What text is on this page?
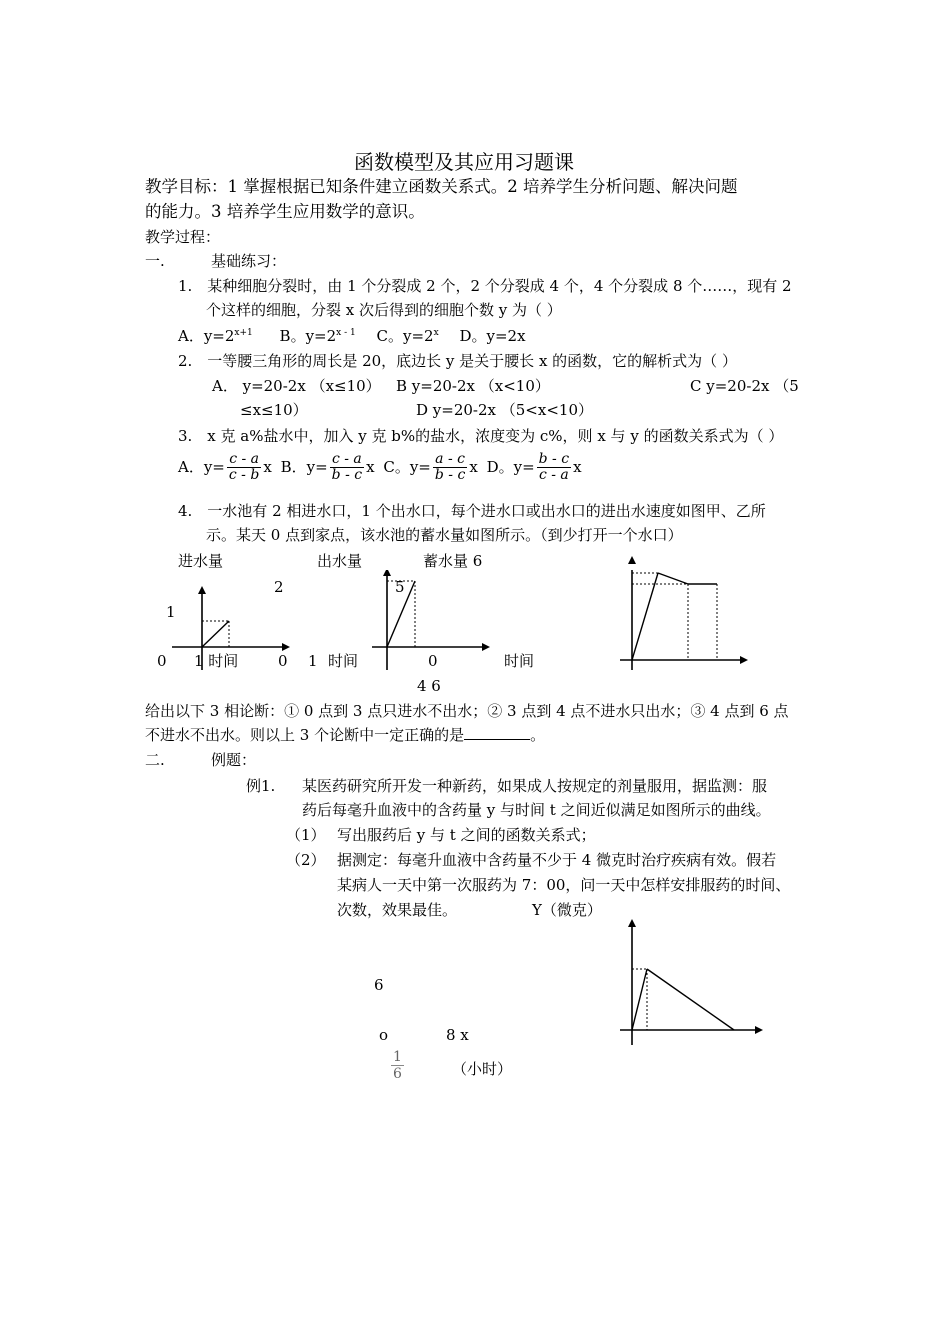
函数模型及其应用习题课
教学目标：1 掌握根据已知条件建立函数关系式。2 培养学生分析问题、解决问题
的能力。3 培养学生应用数学的意识。
教学过程：
一.	基础练习：
1.　某种细胞分裂时，由 1 个分裂成 2 个，2 个分裂成 4 个，4 个分裂成 8 个……，现有 2
个这样的细胞，分裂 x 次后得到的细胞个数 y 为（ ）
A．$y=2^{x+1}$ B。$y=2^{x - 1}$ C。$y=2^x$ D。y=2x
2.　一等腰三角形的周长是 20，底边长 y 是关于腰长 x 的函数，它的解析式为（ ）
A． y=20-2x （x≤10） B y=20-2x （x<10）	C y=20-2x （5
≤x≤10）	D y=20-2x （5<x<10）
3.　x 克 a%盐水中，加入 y 克 b%的盐水，浓度变为 c%，则 x 与 y 的函数关系式为（ ）
A．$y= \frac{c - a}{c - b}$ x B．$y= \frac{c - a}{b - c}$ x C。$y= \frac{a - c}{b - c}$ x D。$y= \frac{b - c}{c - a}$ x
4.　一水池有 2 相进水口，1 个出水口，每个进水口或出水口的进出水速度如图甲、乙所
示。某天 0 点到家点，该水池的蓄水量如图所示。（到少打开一个水口）
进水量	出水量	蓄水量 6
2	5
1
0 1 时间	0 1 时间	0	时间
4 6
给出以下 3 相论断：① 0 点到 3 点只进水不出水；② 3 点到 4 点不进水只出水；③ 4 点到 6 点
不进水不出水。则以上 3 个论断中一定正确的是	。
二.	例题：
例1. 某医药研究所开发一种新药，如果成人按规定的剂量服用，据监测：服
药后每毫升血液中的含药量 y 与时间 t 之间近似满足如图所示的曲线。
（1） 写出服药后 y 与 t 之间的函数关系式；
（2） 据测定：每毫升血液中含药量不少于 4 微克时治疗疾病有效。假若
某病人一天中第一次服药为 7：00，问一天中怎样安排服药的时间、
次数，效果最佳。	Y（微克）
6
o	8 x
1
6	（小时）
